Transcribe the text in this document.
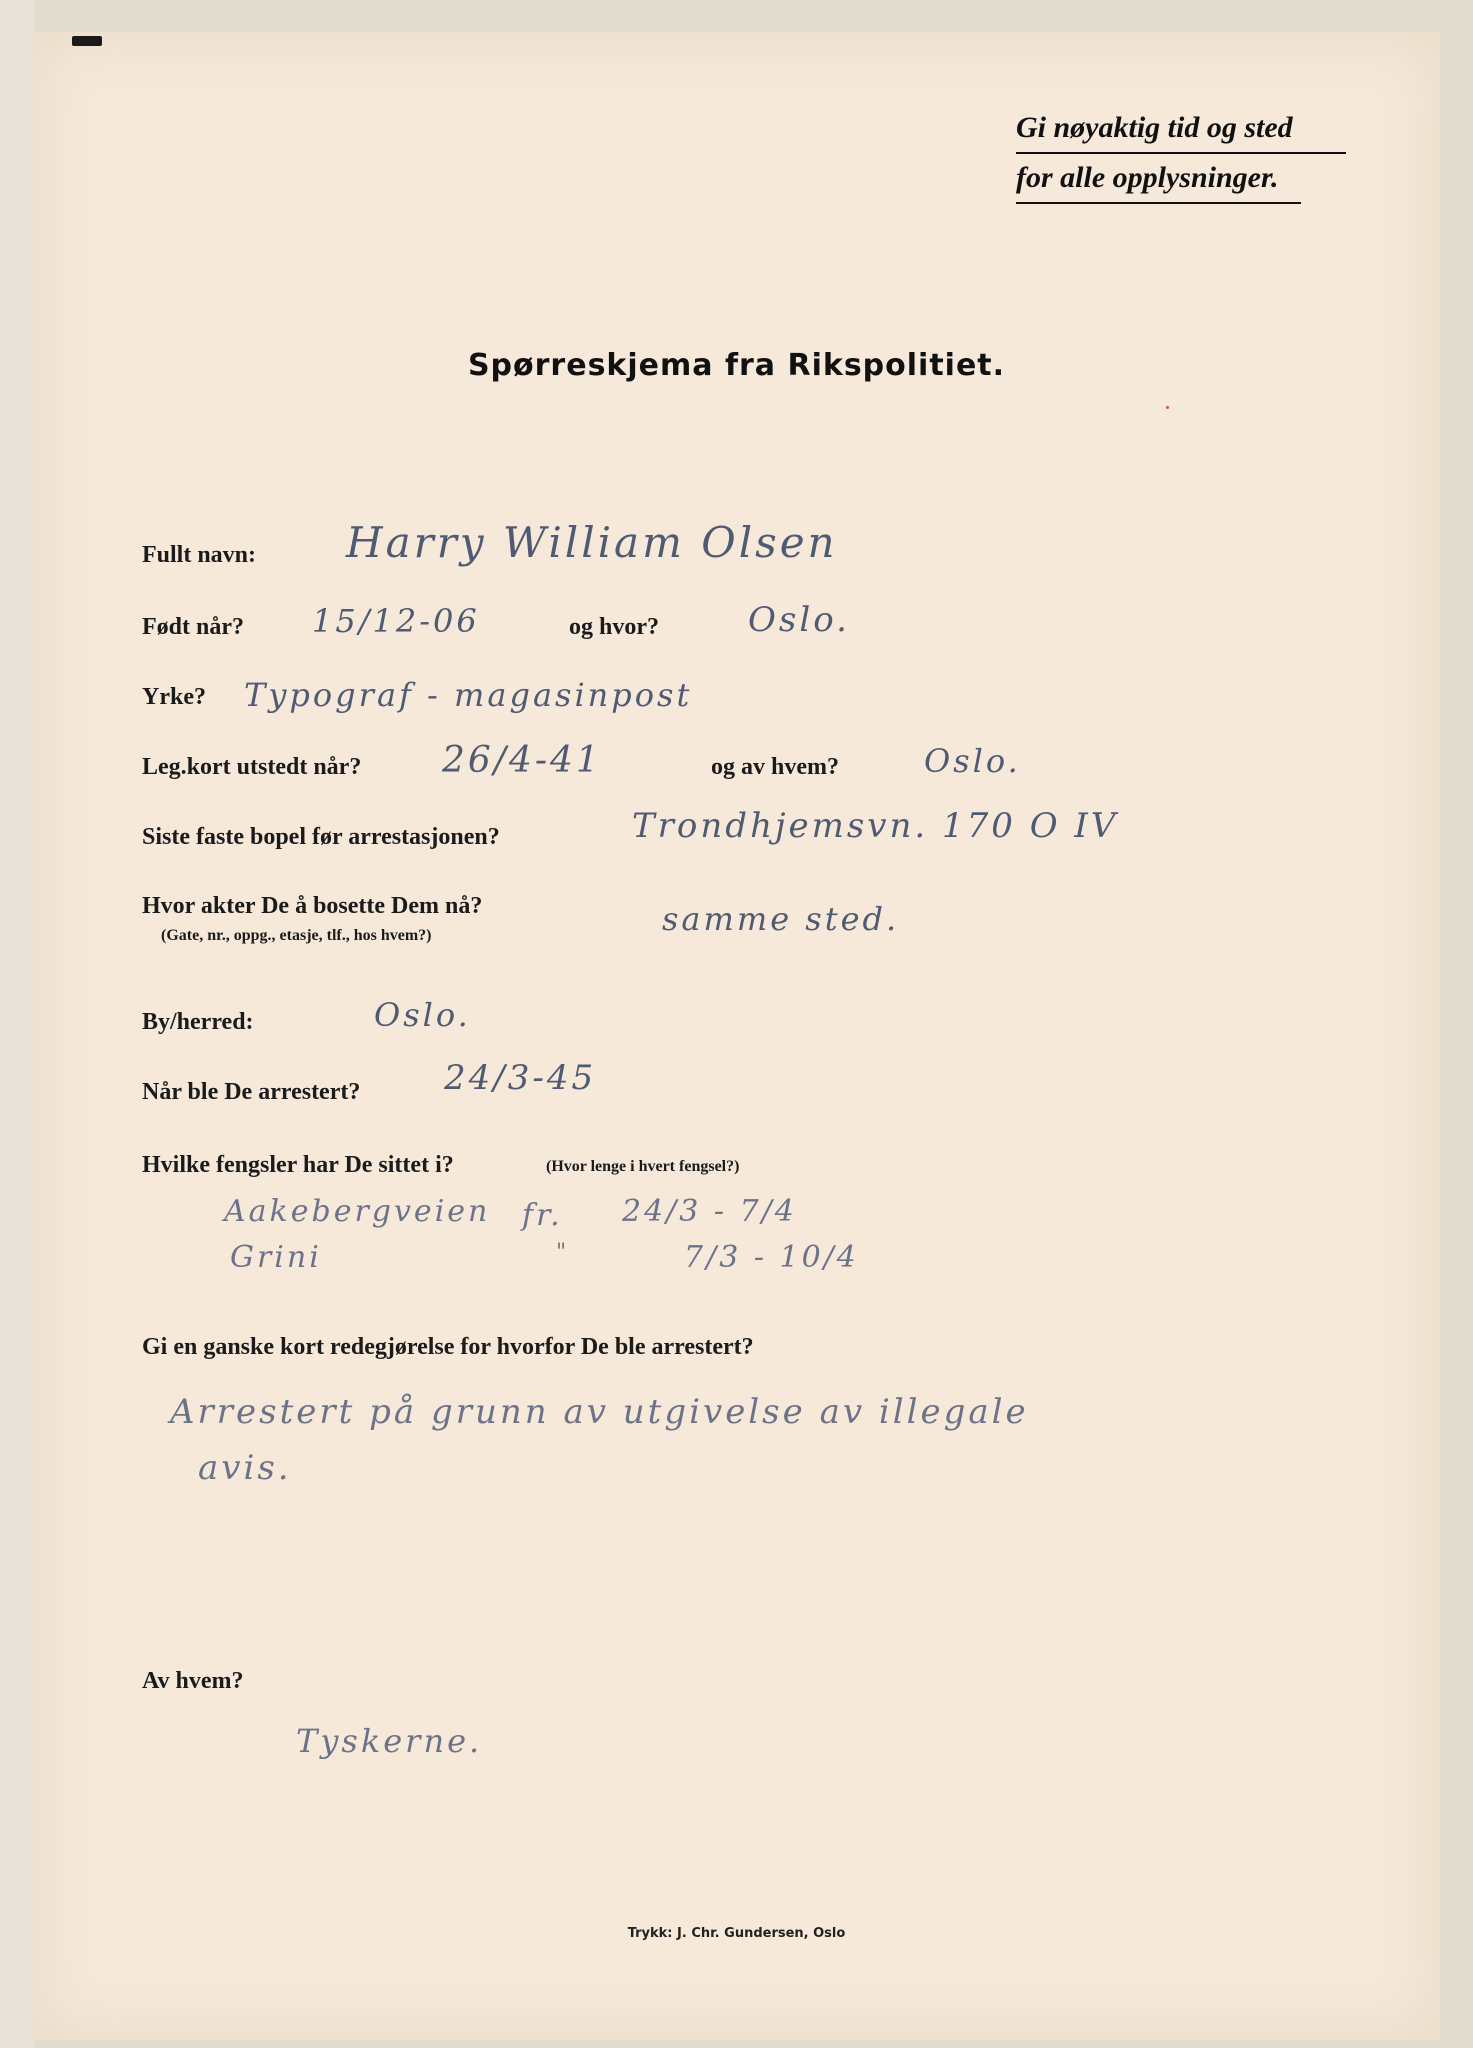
Gi nøyaktig tid og sted
for alle opplysninger.
Spørreskjema fra Rikspolitiet.
Fullt navn: Harry William Olsen
Født når? 15/12-06	og hvor?	Oslo.
Yrke? Typograf - magasinpost
Leg.kort utstedt når? 26/4-41	og av hvem?	Oslo.
Siste faste bopel før arrestasjonen?	Trondhjemsvn. 170 O IV
Hvor akter De å bosette Dem nå?
(Gate, nr., oppg., etasje, tlf., hos hvem?)	samme sted.
By/herred:	Oslo.
Når ble De arrestert? 24/3-45
Hvilke fengsler har De sittet i?	(Hvor lenge i hvert fengsel?)
Aakebergveien fr. 24/3 - 7/4
Grini	"	7/3 - 10/4
Gi en ganske kort redegjørelse for hvorfor De ble arrestert?
Arrestert på grunn av utgivelse av illegale
avis.
Av hvem?
Tyskerne.
Trykk: J. Chr. Gundersen, Oslo
